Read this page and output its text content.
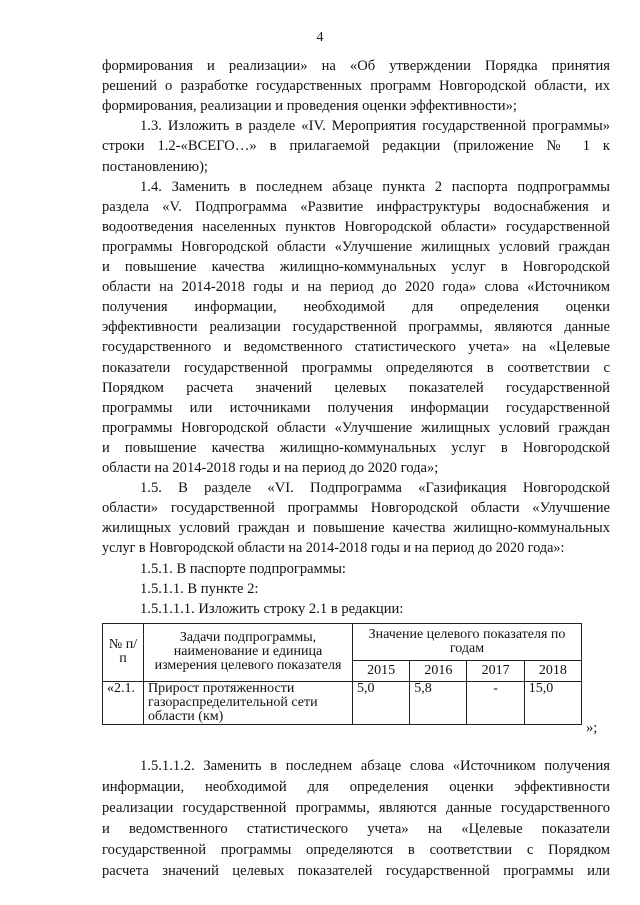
4
формирования и реализации» на «Об утверждении Порядка принятия
решений о разработке государственных программ Новгородской области, их
формирования, реализации и проведения оценки эффективности»;
1.3. Изложить в разделе «IV. Мероприятия государственной программы»
строки 1.2-«ВСЕГО…» в прилагаемой редакции (приложение № 1 к
постановлению);
1.4. Заменить в последнем абзаце пункта 2 паспорта подпрограммы
раздела «V. Подпрограмма «Развитие инфраструктуры водоснабжения и
водоотведения населенных пунктов Новгородской области» государственной
программы Новгородской области «Улучшение жилищных условий граждан
и повышение качества жилищно-коммунальных услуг в Новгородской
области на 2014-2018 годы и на период до 2020 года» слова «Источником
получения информации, необходимой для определения оценки
эффективности реализации государственной программы, являются данные
государственного и ведомственного статистического учета» на «Целевые
показатели государственной программы определяются в соответствии с
Порядком расчета значений целевых показателей государственной
программы или источниками получения информации государственной
программы Новгородской области «Улучшение жилищных условий граждан
и повышение качества жилищно-коммунальных услуг в Новгородской
области на 2014-2018 годы и на период до 2020 года»;
1.5. В разделе «VI. Подпрограмма «Газификация Новгородской
области» государственной программы Новгородской области «Улучшение
жилищных условий граждан и повышение качества жилищно-коммунальных
услуг в Новгородской области на 2014-2018 годы и на период до 2020 года»:
1.5.1. В паспорте подпрограммы:
№ п/п	Задачи подпрограммы, наименование и единица измерения целевого показателя	Значение целевого показателя по годам			
		2015	2016	2017	2018
«2.1.	Прирост протяженности газораспределительной сети области (км)	5,0	5,8	-	15,0
»;
1.5.1.1.2. Заменить в последнем абзаце слова «Источником получения
информации, необходимой для определения оценки эффективности
реализации государственной программы, являются данные государственного
и ведомственного статистического учета» на «Целевые показатели
государственной программы определяются в соответствии с Порядком
расчета значений целевых показателей государственной программы или
1.5.1.1. В пункте 2:
1.5.1.1.1. Изложить строку 2.1 в редакции:
